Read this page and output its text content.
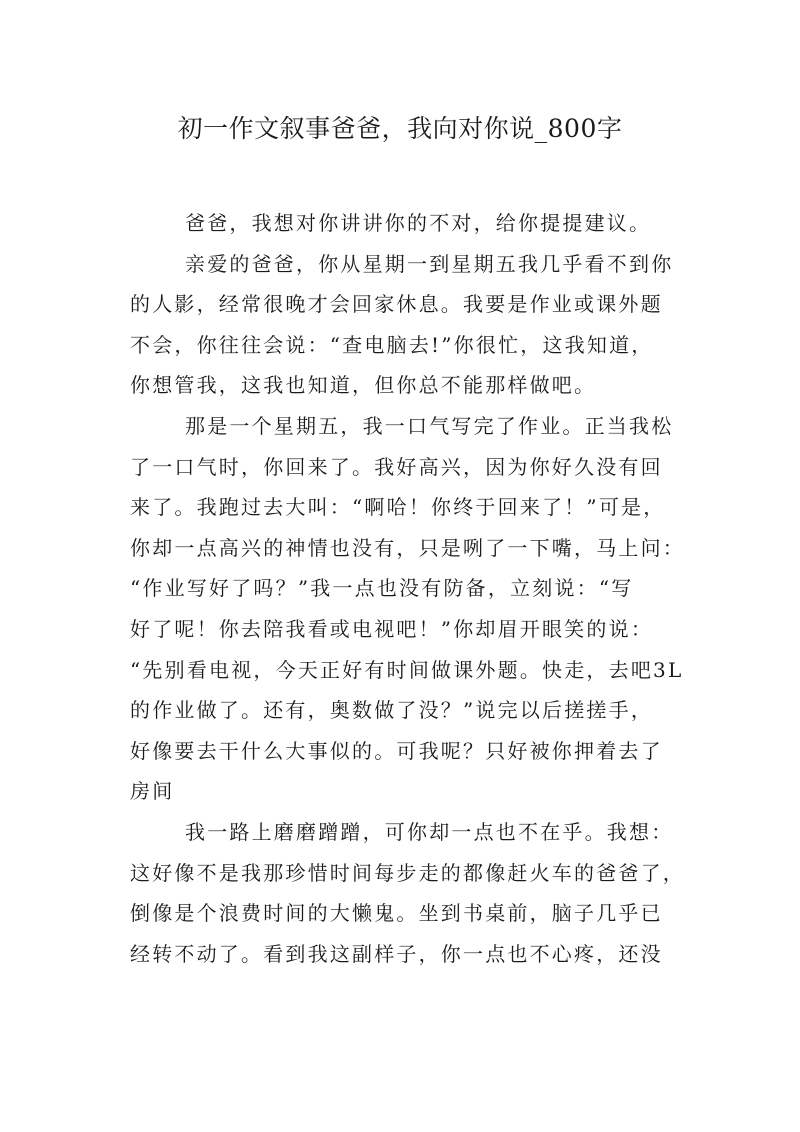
初一作文叙事爸爸，我向对你说_800字
爸爸，我想对你讲讲你的不对，给你提提建议。
亲爱的爸爸，你从星期一到星期五我几乎看不到你
的人影，经常很晚才会回家休息。我要是作业或课外题
不会，你往往会说：“查电脑去!”你很忙，这我知道，
你想管我，这我也知道，但你总不能那样做吧。
那是一个星期五，我一口气写完了作业。正当我松
了一口气时，你回来了。我好高兴，因为你好久没有回
来了。我跑过去大叫：“啊哈！你终于回来了！”可是，
你却一点高兴的神情也没有，只是咧了一下嘴，马上问：
“作业写好了吗？”我一点也没有防备，立刻说：“写
好了呢！你去陪我看或电视吧！”你却眉开眼笑的说：
“先别看电视，今天正好有时间做课外题。快走，去吧3L
的作业做了。还有，奥数做了没？”说完以后搓搓手，
好像要去干什么大事似的。可我呢？只好被你押着去了
房间
我一路上磨磨蹭蹭，可你却一点也不在乎。我想：
这好像不是我那珍惜时间每步走的都像赶火车的爸爸了，
倒像是个浪费时间的大懒鬼。坐到书桌前，脑子几乎已
经转不动了。看到我这副样子，你一点也不心疼，还没
